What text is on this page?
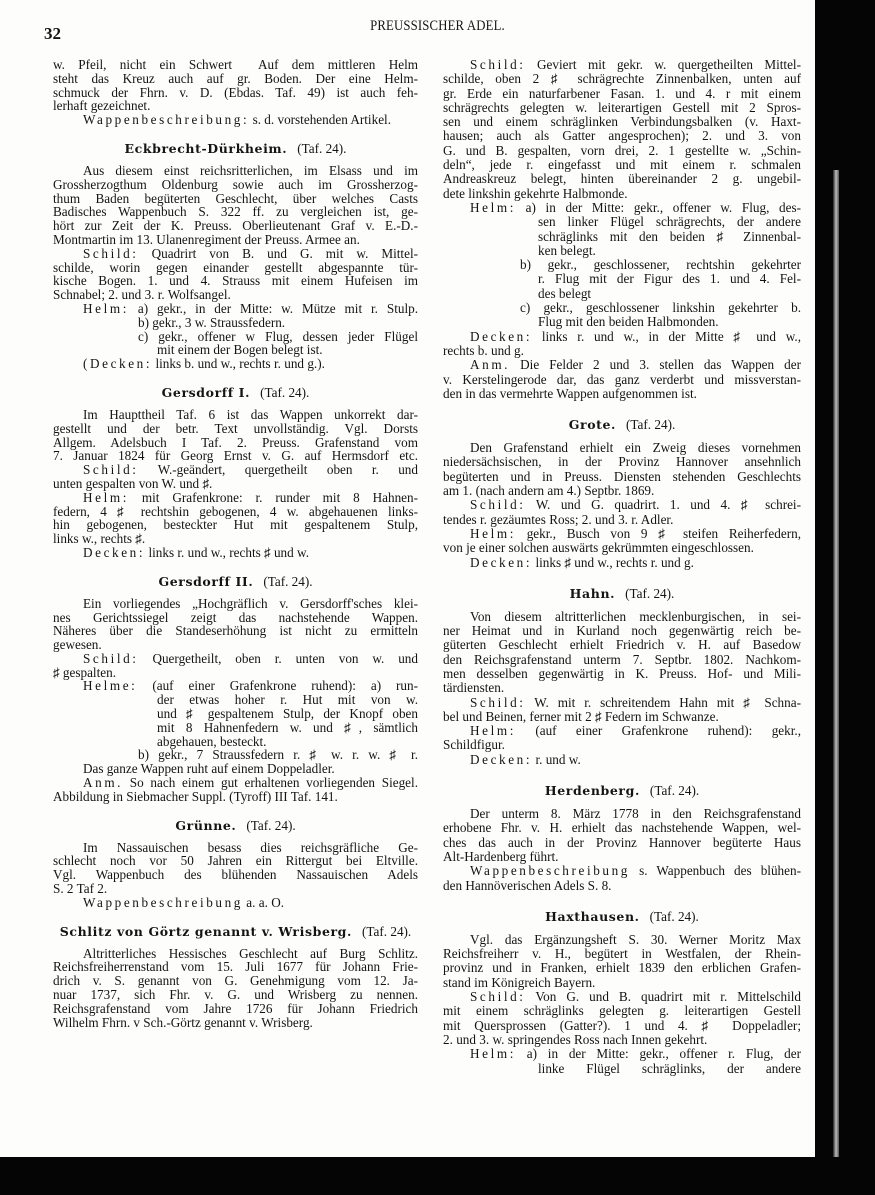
32	PREUSSISCHER ADEL.
w. Pfeil, nicht ein Schwert  Auf dem mittleren Helm
steht das Kreuz auch auf gr. Boden. Der eine Helm-
schmuck der Fhrn. v. D. (Ebdas. Taf. 49) ist auch feh-
lerhaft gezeichnet.
Wappenbeschreibung: s. d. vorstehenden Artikel.
Eckbrecht-Dürkheim. (Taf. 24).
Aus diesem einst reichsritterlichen, im Elsass und im
Grossherzogthum Oldenburg sowie auch im Grossherzog-
thum Baden begüterten Geschlecht, über welches Casts
Badisches Wappenbuch S. 322 ff. zu vergleichen ist, ge-
hört zur Zeit der K. Preuss. Oberlieutenant Graf v. E.-D.-
Montmartin im 13. Ulanenregiment der Preuss. Armee an.
Schild: Quadrirt von B. und G. mit w. Mittel-
schilde, worin gegen einander gestellt abgespannte tür-
kische Bogen. 1. und 4. Strauss mit einem Hufeisen im
Schnabel; 2. und 3. r. Wolfsangel.
Helm: a) gekr., in der Mitte: w. Mütze mit r. Stulp.
b) gekr., 3 w. Straussfedern.
c) gekr., offener w Flug, dessen jeder Flügel
mit einem der Bogen belegt ist.
(Decken: links b. und w., rechts r. und g.).
Gersdorff I. (Taf. 24).
Im Haupttheil Taf. 6 ist das Wappen unkorrekt dar-
gestellt und der betr. Text unvollständig. Vgl. Dorsts
Allgem. Adelsbuch I Taf. 2. Preuss. Grafenstand vom
7. Januar 1824 für Georg Ernst v. G. auf Hermsdorf etc.
Schild: W.-geändert, quergetheilt oben r. und
unten gespalten von W. und ♯.
Helm: mit Grafenkrone: r. runder mit 8 Hahnen-
federn, 4 ♯ rechtshin gebogenen, 4 w. abgehauenen links-
hin gebogenen, besteckter Hut mit gespaltenem Stulp,
links w., rechts ♯.
Decken: links r. und w., rechts ♯ und w.
Gersdorff II. (Taf. 24).
Ein vorliegendes „Hochgräflich v. Gersdorff'sches klei-
nes Gerichtssiegel zeigt das nachstehende Wappen.
Näheres über die Standeserhöhung ist nicht zu ermitteln
gewesen.
Schild: Quergetheilt, oben r. unten von w. und
♯ gespalten.
Helme: (auf einer Grafenkrone ruhend): a) run-
der etwas hoher r. Hut mit von w.
und ♯ gespaltenem Stulp, der Knopf oben
mit 8 Hahnenfedern w. und ♯, sämtlich
abgehauen, besteckt.
b) gekr., 7 Straussfedern r. ♯ w. r. w. ♯ r.
Das ganze Wappen ruht auf einem Doppeladler.
Anm. So nach einem gut erhaltenen vorliegenden Siegel.
Abbildung in Siebmacher Suppl. (Tyroff) III Taf. 141.
Grünne. (Taf. 24).
Im Nassauischen besass dies reichsgräfliche Ge-
schlecht noch vor 50 Jahren ein Rittergut bei Eltville.
Vgl. Wappenbuch des blühenden Nassauischen Adels
S. 2 Taf 2.
Wappenbeschreibung a. a. O.
Schlitz von Görtz genannt v. Wrisberg. (Taf. 24).
Altritterliches Hessisches Geschlecht auf Burg Schlitz.
Reichsfreiherrenstand vom 15. Juli 1677 für Johann Frie-
drich v. S. genannt von G. Genehmigung vom 12. Ja-
nuar 1737, sich Fhr. v. G. und Wrisberg zu nennen.
Reichsgrafenstand vom Jahre 1726 für Johann Friedrich
Wilhelm Fhrn. v Sch.-Görtz genannt v. Wrisberg.
Schild: Geviert mit gekr. w. quergetheilten Mittel-
schilde, oben 2 ♯ schrägrechte Zinnenbalken, unten auf
gr. Erde ein naturfarbener Fasan. 1. und 4. r mit einem
schrägrechts gelegten w. leiterartigen Gestell mit 2 Spros-
sen und einem schräglinken Verbindungsbalken (v. Haxt-
hausen; auch als Gatter angesprochen); 2. und 3. von
G. und B. gespalten, vorn drei, 2. 1 gestellte w. „Schin-
deln“, jede r. eingefasst und mit einem r. schmalen
Andreaskreuz belegt, hinten übereinander 2 g. ungebil-
dete linkshin gekehrte Halbmonde.
Helm: a) in der Mitte: gekr., offener w. Flug, des-
sen linker Flügel schrägrechts, der andere
schräglinks mit den beiden ♯ Zinnenbal-
ken belegt.
b) gekr., geschlossener, rechtshin gekehrter
r. Flug mit der Figur des 1. und 4. Fel-
des belegt
c) gekr., geschlossener linkshin gekehrter b.
Flug mit den beiden Halbmonden.
Decken: links r. und w., in der Mitte ♯ und w.,
rechts b. und g.
Anm. Die Felder 2 und 3. stellen das Wappen der
v. Kerstelingerode dar, das ganz verderbt und missverstan-
den in das vermehrte Wappen aufgenommen ist.
Grote. (Taf. 24).
Den Grafenstand erhielt ein Zweig dieses vornehmen
niedersächsischen, in der Provinz Hannover ansehnlich
begüterten und in Preuss. Diensten stehenden Geschlechts
am 1. (nach andern am 4.) Septbr. 1869.
Schild: W. und G. quadrirt. 1. und 4. ♯ schrei-
tendes r. gezäumtes Ross; 2. und 3. r. Adler.
Helm: gekr., Busch von 9 ♯ steifen Reiherfedern,
von je einer solchen auswärts gekrümmten eingeschlossen.
Decken: links ♯ und w., rechts r. und g.
Hahn. (Taf. 24).
Von diesem altritterlichen mecklenburgischen, in sei-
ner Heimat und in Kurland noch gegenwärtig reich be-
güterten Geschlecht erhielt Friedrich v. H. auf Basedow
den Reichsgrafenstand unterm 7. Septbr. 1802. Nachkom-
men desselben gegenwärtig in K. Preuss. Hof- und Mili-
tärdiensten.
Schild: W. mit r. schreitendem Hahn mit ♯ Schna-
bel und Beinen, ferner mit 2 ♯ Federn im Schwanze.
Helm: (auf einer Grafenkrone ruhend): gekr.,
Schildfigur.
Decken: r. und w.
Herdenberg. (Taf. 24).
Der unterm 8. März 1778 in den Reichsgrafenstand
erhobene Fhr. v. H. erhielt das nachstehende Wappen, wel-
ches das auch in der Provinz Hannover begüterte Haus
Alt-Hardenberg führt.
Wappenbeschreibung s. Wappenbuch des blühen-
den Hannöverischen Adels S. 8.
Haxthausen. (Taf. 24).
Vgl. das Ergänzungsheft S. 30. Werner Moritz Max
Reichsfreiherr v. H., begütert in Westfalen, der Rhein-
provinz und in Franken, erhielt 1839 den erblichen Grafen-
stand im Königreich Bayern.
Schild: Von G. und B. quadrirt mit r. Mittelschild
mit einem schräglinks gelegten g. leiterartigen Gestell
mit Quersprossen (Gatter?). 1 und 4. ♯ Doppeladler;
2. und 3. w. springendes Ross nach Innen gekehrt.
Helm: a) in der Mitte: gekr., offener r. Flug, der
linke Flügel schräglinks, der andere
